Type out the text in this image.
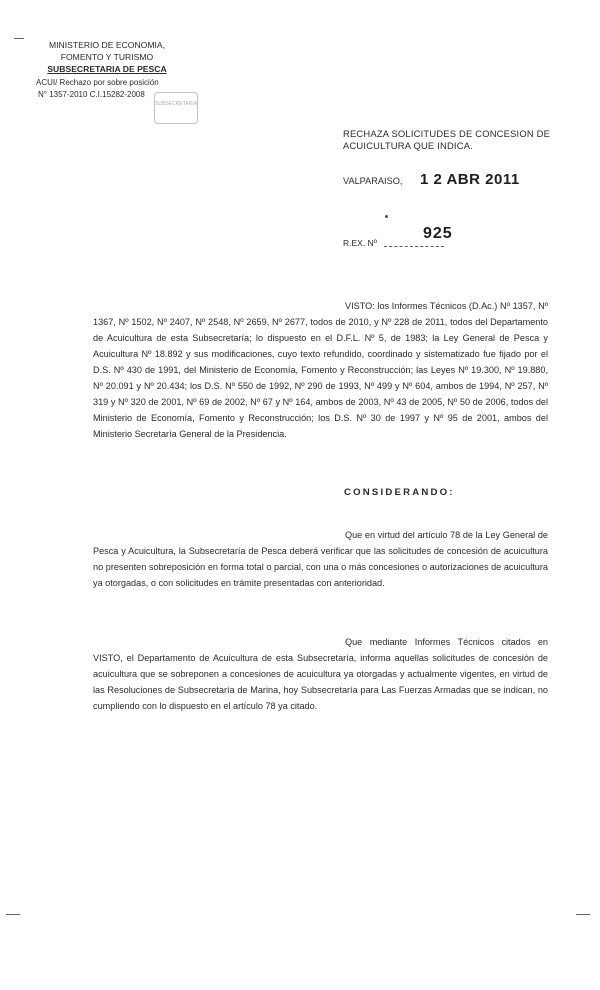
MINISTERIO DE ECONOMIA,
FOMENTO Y TURISMO
SUBSECRETARIA DE PESCA
ACUI/ Rechazo por sobre posición
N° 1357-2010 C.I.15282-2008
SUBSECRETARIA
RECHAZA SOLICITUDES DE CONCESION DE ACUICULTURA QUE INDICA.
VALPARAISO, 1 2 ABR 2011
925
R.EX. Nº
VISTO: los Informes Técnicos (D.Ac.) Nº 1357, Nº 1367, Nº 1502, Nº 2407, Nº 2548, Nº 2659, Nº 2677, todos de 2010, y Nº 228 de 2011, todos del Departamento de Acuicultura de esta Subsecretaría; lo dispuesto en el D.F.L. Nº 5, de 1983; la Ley General de Pesca y Acuicultura Nº 18.892 y sus modificaciones, cuyo texto refundido, coordinado y sistematizado fue fijado por el D.S. Nº 430 de 1991, del Ministerio de Economía, Fomento y Reconstrucción; las Leyes Nº 19.300, Nº 19.880, Nº 20.091 y Nº 20.434; los D.S. Nº 550 de 1992, Nº 290 de 1993, Nº 499 y Nº 604, ambos de 1994, Nº 257, Nº 319 y Nº 320 de 2001, Nº 69 de 2002, Nº 67 y Nº 164, ambos de 2003, Nº 43 de 2005, Nº 50 de 2006, todos del Ministerio de Economía, Fomento y Reconstrucción; los D.S. Nº 30 de 1997 y Nº 95 de 2001, ambos del Ministerio Secretaría General de la Presidencia.
CONSIDERANDO:
Que en virtud del artículo 78 de la Ley General de Pesca y Acuicultura, la Subsecretaría de Pesca deberá verificar que las solicitudes de concesión de acuicultura no presenten sobreposición en forma total o parcial, con una o más concesiones o autorizaciones de acuicultura ya otorgadas, o con solicitudes en trámite presentadas con anterioridad.
Que mediante Informes Técnicos citados en VISTO, el Departamento de Acuicultura de esta Subsecretaría, informa aquellas solicitudes de concesión de acuicultura que se sobreponen a concesiones de acuicultura ya otorgadas y actualmente vigentes, en virtud de las Resoluciones de Subsecretaría de Marina, hoy Subsecretaría para Las Fuerzas Armadas que se indican, no cumpliendo con lo dispuesto en el artículo 78 ya citado.
